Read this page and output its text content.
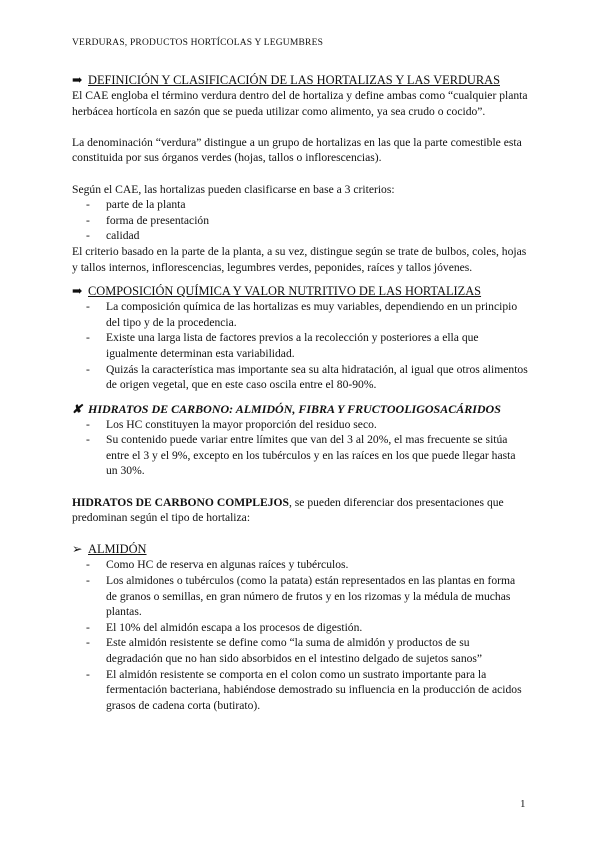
VERDURAS, PRODUCTOS HORTÍCOLAS Y LEGUMBRES
➡ DEFINICIÓN Y CLASIFICACIÓN DE LAS HORTALIZAS Y LAS VERDURAS

El CAE engloba el término verdura dentro del de hortaliza y define ambas como “cualquier planta herbácea hortícola en sazón que se pueda utilizar como alimento, ya sea crudo o cocido”.

La denominación “verdura” distingue a un grupo de hortalizas en las que la parte comestible esta constituida por sus órganos verdes (hojas, tallos o inflorescencias).

Según el CAE, las hortalizas pueden clasificarse en base a 3 criterios:

- parte de la planta
- forma de presentación
- calidad

El criterio basado en la parte de la planta, a su vez, distingue según se trate de bulbos, coles, hojas y tallos internos, inflorescencias, legumbres verdes, peponides, raíces y tallos jóvenes.

➡ COMPOSICIÓN QUÍMICA Y VALOR NUTRITIVO DE LAS HORTALIZAS
- La composición química de las hortalizas es muy variables, dependiendo en un principio del tipo y de la procedencia.
- Existe una larga lista de factores previos a la recolección y posteriores a ella que igualmente determinan esta variabilidad.
- Quizás la característica mas importante sea su alta hidratación, al igual que otros alimentos de origen vegetal, que en este caso oscila entre el 80-90%.
✘ HIDRATOS DE CARBONO: ALMIDÓN, FIBRA Y FRUCTOOLIGOSACÁRIDOS
- Los HC constituyen la mayor proporción del residuo seco.
- Su contenido puede variar entre límites que van del 3 al 20%, el mas frecuente se sitúa entre el 3 y el 9%, excepto en los tubérculos y en las raíces en los que puede llegar hasta un 30%.

HIDRATOS DE CARBONO COMPLEJOS, se pueden diferenciar dos presentaciones que predominan según el tipo de hortaliza:

➢ ALMIDÓN
- Como HC de reserva en algunas raíces y tubérculos.
- Los almidones o tubérculos (como la patata) están representados en las plantas en forma de granos o semillas, en gran número de frutos y en los rizomas y la médula de muchas plantas.
- El 10% del almidón escapa a los procesos de digestión.
- Este almidón resistente se define como “la suma de almidón y productos de su degradación que no han sido absorbidos en el intestino delgado de sujetos sanos”
- El almidón resistente se comporta en el colon como un sustrato importante para la fermentación bacteriana, habiéndose demostrado su influencia en la producción de acidos grasos de cadena corta (butirato).
1
